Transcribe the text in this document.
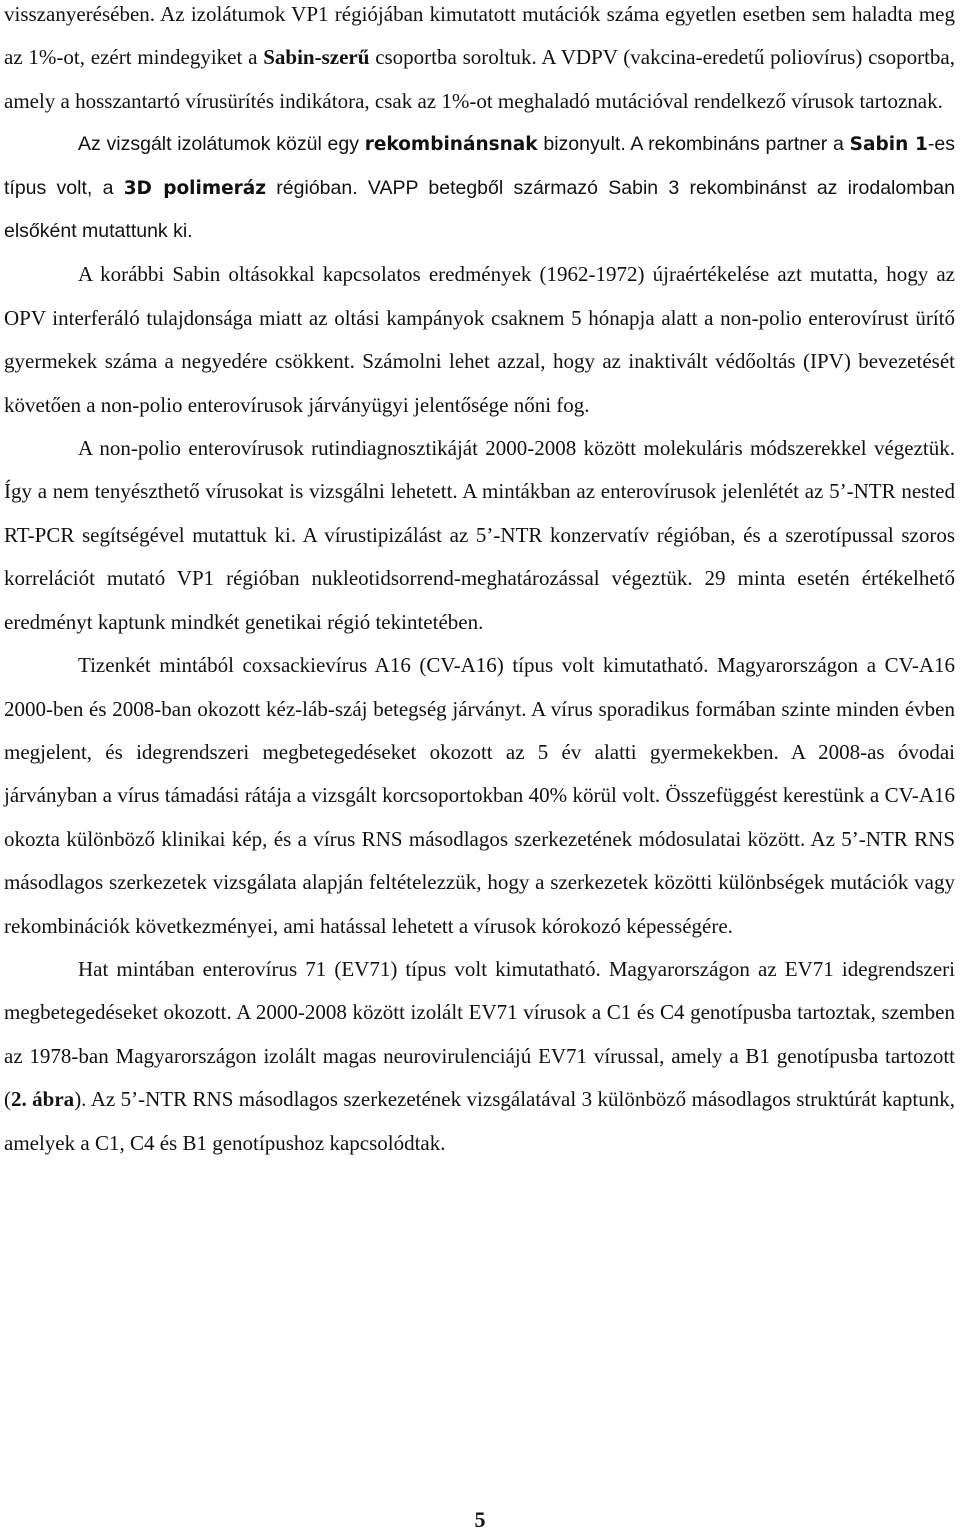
visszanyerésében. Az izolátumok VP1 régiójában kimutatott mutációk száma egyetlen esetben sem haladta meg az 1%-ot, ezért mindegyiket a Sabin-szerű csoportba soroltuk. A VDPV (vakcina-eredetű poliovírus) csoportba, amely a hosszantartó vírusürítés indikátora, csak az 1%-ot meghaladó mutációval rendelkező vírusok tartoznak.

Az vizsgált izolátumok közül egy rekombinánsnak bizonyult. A rekombináns partner a Sabin 1-es típus volt, a 3D polimeráz régióban. VAPP betegből származó Sabin 3 rekombinánst az irodalomban elsőként mutattunk ki.

A korábbi Sabin oltásokkal kapcsolatos eredmények (1962-1972) újraértékelése azt mutatta, hogy az OPV interferáló tulajdonsága miatt az oltási kampányok csaknem 5 hónapja alatt a non-polio enterovírust ürítő gyermekek száma a negyedére csökkent. Számolni lehet azzal, hogy az inaktivált védőoltás (IPV) bevezetését követően a non-polio enterovírusok járványügyi jelentősége nőni fog.

A non-polio enterovírusok rutindiagnosztikáját 2000-2008 között molekuláris módszerekkel végeztük. Így a nem tenyészthető vírusokat is vizsgálni lehetett. A mintákban az enterovírusok jelenlétét az 5’-NTR nested RT-PCR segítségével mutattuk ki. A vírustipizálást az 5’-NTR konzervatív régióban, és a szerotípussal szoros korrelációt mutató VP1 régióban nukleotidsorrend-meghatározással végeztük. 29 minta esetén értékelhető eredményt kaptunk mindkét genetikai régió tekintetében.

Tizenkét mintából coxsackievírus A16 (CV-A16) típus volt kimutatható. Magyarországon a CV-A16 2000-ben és 2008-ban okozott kéz-láb-száj betegség járványt. A vírus sporadikus formában szinte minden évben megjelent, és idegrendszeri megbetegedéseket okozott az 5 év alatti gyermekekben. A 2008-as óvodai járványban a vírus támadási rátája a vizsgált korcsoportokban 40% körül volt. Összefüggést kerestünk a CV-A16 okozta különböző klinikai kép, és a vírus RNS másodlagos szerkezetének módosulatai között. Az 5’-NTR RNS másodlagos szerkezetek vizsgálata alapján feltételezzük, hogy a szerkezetek közötti különbségek mutációk vagy rekombinációk következményei, ami hatással lehetett a vírusok kórokozó képességére.

Hat mintában enterovírus 71 (EV71) típus volt kimutatható. Magyarországon az EV71 idegrendszeri megbetegedéseket okozott. A 2000-2008 között izolált EV71 vírusok a C1 és C4 genotípusba tartoztak, szemben az 1978-ban Magyarországon izolált magas neurovirulenciájú EV71 vírussal, amely a B1 genotípusba tartozott (2. ábra). Az 5’-NTR RNS másodlagos szerkezetének vizsgálatával 3 különböző másodlagos struktúrát kaptunk, amelyek a C1, C4 és B1 genotípushoz kapcsolódtak.

5
